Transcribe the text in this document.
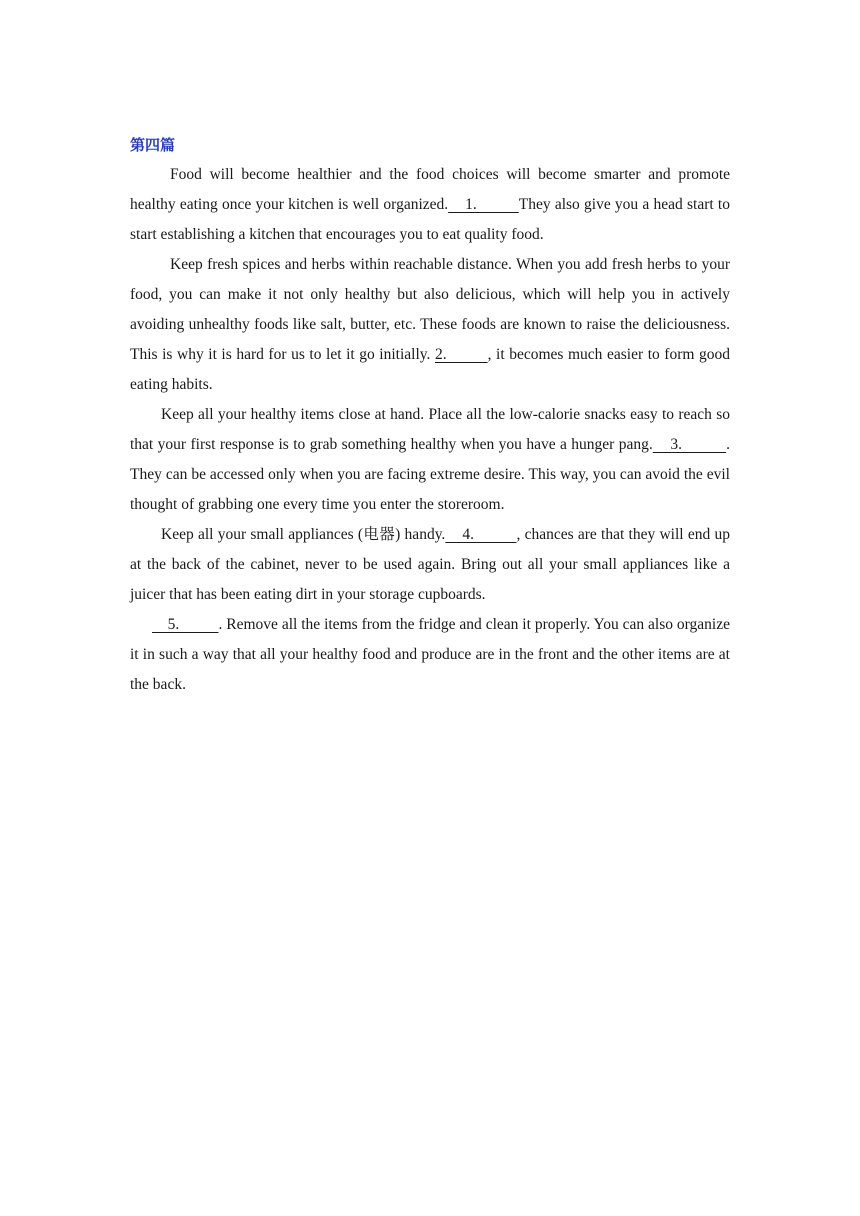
第四篇

Food will become healthier and the food choices will become smarter and promote healthy eating once your kitchen is well organized.    1.          They also give you a head start to start establishing a kitchen that encourages you to eat quality food.

Keep fresh spices and herbs within reachable distance. When you add fresh herbs to your food, you can make it not only healthy but also delicious, which will help you in actively avoiding unhealthy foods like salt, butter, etc. These foods are known to raise the deliciousness. This is why it is hard for us to let it go initially. 2.         , it becomes much easier to form good eating habits.

Keep all your healthy items close at hand. Place all the low-calorie snacks easy to reach so that your first response is to grab something healthy when you have a hunger pang.    3.          . They can be accessed only when you are facing extreme desire. This way, you can avoid the evil thought of grabbing one every time you enter the storeroom.

Keep all your small appliances (电器) handy.    4.          , chances are that they will end up at the back of the cabinet, never to be used again. Bring out all your small appliances like a juicer that has been eating dirt in your storage cupboards.

5.          . Remove all the items from the fridge and clean it properly. You can also organize it in such a way that all your healthy food and produce are in the front and the other items are at the back.
